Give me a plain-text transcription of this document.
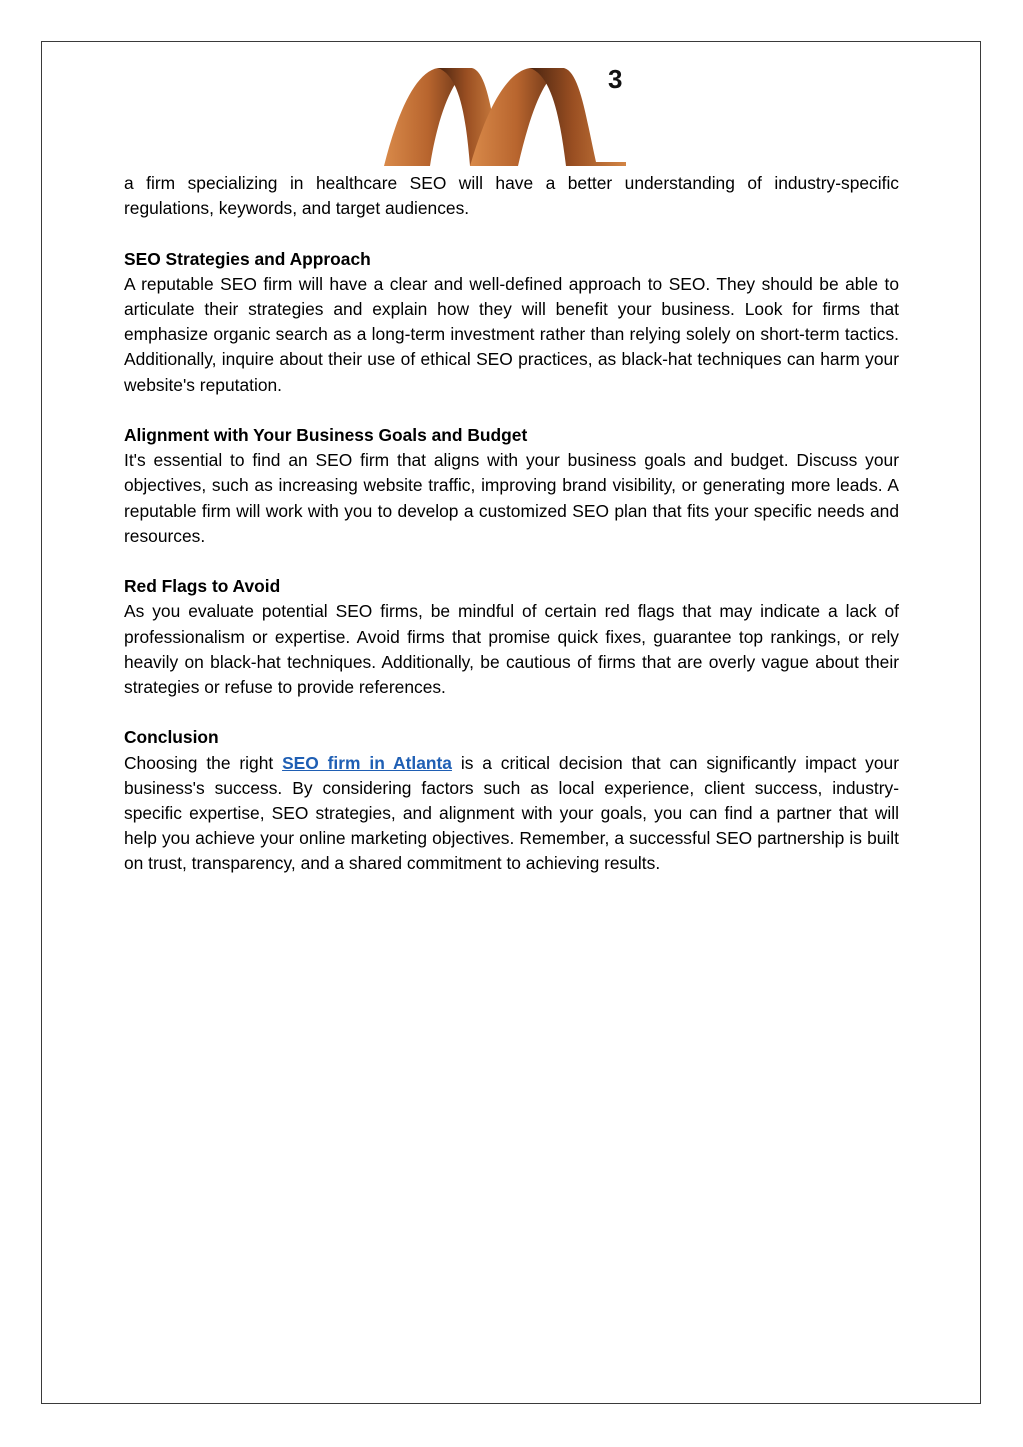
3

a firm specializing in healthcare SEO will have a better understanding of industry-specific regulations, keywords, and target audiences.

SEO Strategies and Approach

A reputable SEO firm will have a clear and well-defined approach to SEO. They should be able to articulate their strategies and explain how they will benefit your business. Look for firms that emphasize organic search as a long-term investment rather than relying solely on short-term tactics. Additionally, inquire about their use of ethical SEO practices, as black-hat techniques can harm your website's reputation.

Alignment with Your Business Goals and Budget

It's essential to find an SEO firm that aligns with your business goals and budget. Discuss your objectives, such as increasing website traffic, improving brand visibility, or generating more leads. A reputable firm will work with you to develop a customized SEO plan that fits your specific needs and resources.

Red Flags to Avoid

As you evaluate potential SEO firms, be mindful of certain red flags that may indicate a lack of professionalism or expertise. Avoid firms that promise quick fixes, guarantee top rankings, or rely heavily on black-hat techniques. Additionally, be cautious of firms that are overly vague about their strategies or refuse to provide references.

Conclusion

Choosing the right SEO firm in Atlanta is a critical decision that can significantly impact your business's success. By considering factors such as local experience, client success, industry-specific expertise, SEO strategies, and alignment with your goals, you can find a partner that will help you achieve your online marketing objectives. Remember, a successful SEO partnership is built on trust, transparency, and a shared commitment to achieving results.
